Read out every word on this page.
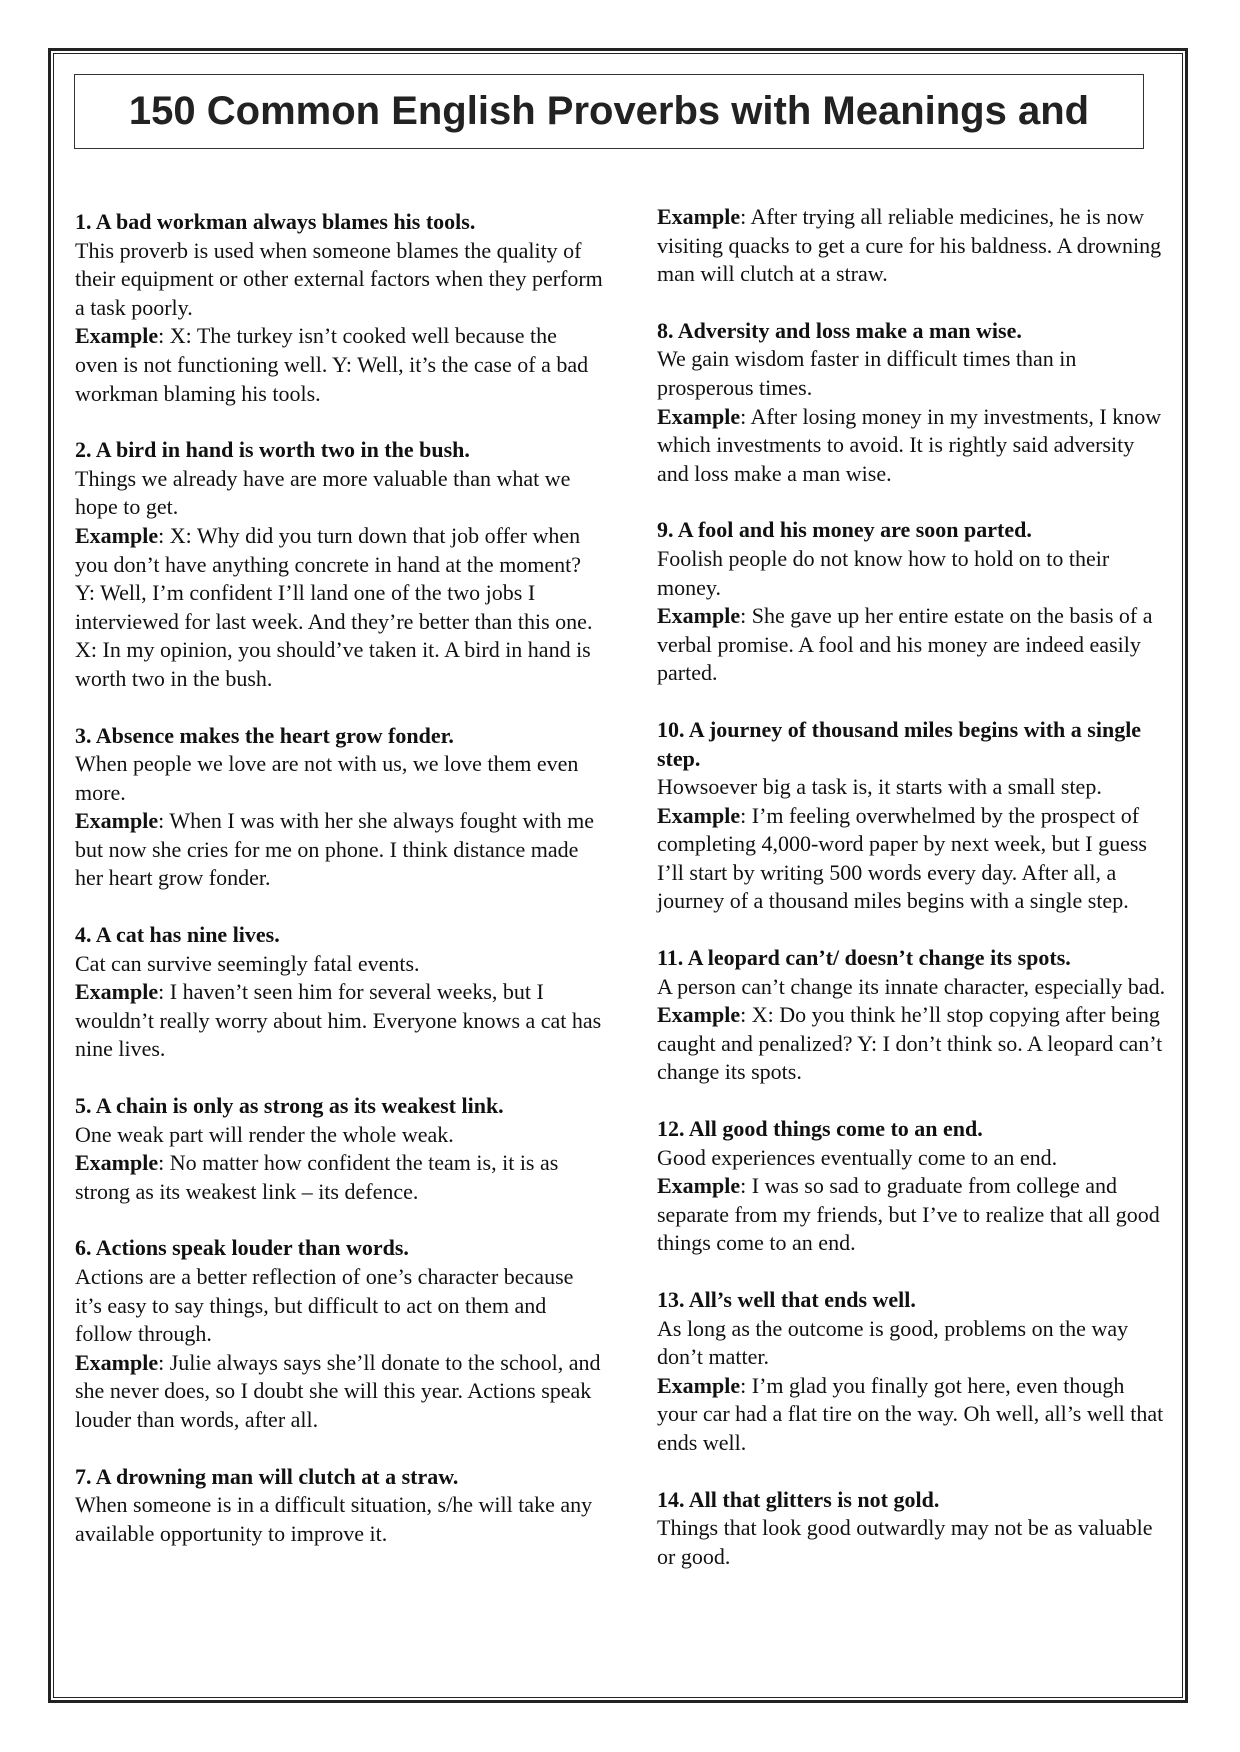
150 Common English Proverbs with Meanings and

1. A bad workman always blames his tools.

This proverb is used when someone blames the quality of their equipment or other external factors when they perform a task poorly.

Example: X: The turkey isn’t cooked well because the oven is not functioning well. Y: Well, it’s the case of a bad workman blaming his tools.

2. A bird in hand is worth two in the bush.

Things we already have are more valuable than what we hope to get.

Example: X: Why did you turn down that job offer when you don’t have anything concrete in hand at the moment? Y: Well, I’m confident I’ll land one of the two jobs I interviewed for last week. And they’re better than this one. X: In my opinion, you should’ve taken it. A bird in hand is worth two in the bush.

3. Absence makes the heart grow fonder.

When people we love are not with us, we love them even more.

Example: When I was with her she always fought with me but now she cries for me on phone. I think distance made her heart grow fonder.

4. A cat has nine lives.

Cat can survive seemingly fatal events.

Example: I haven’t seen him for several weeks, but I wouldn’t really worry about him. Everyone knows a cat has nine lives.

5. A chain is only as strong as its weakest link.

One weak part will render the whole weak.

Example: No matter how confident the team is, it is as strong as its weakest link – its defence.

6. Actions speak louder than words.

Actions are a better reflection of one’s character because it’s easy to say things, but difficult to act on them and follow through.

Example: Julie always says she’ll donate to the school, and she never does, so I doubt she will this year. Actions speak louder than words, after all.

7. A drowning man will clutch at a straw.

When someone is in a difficult situation, s/he will take any available opportunity to improve it.

Example: After trying all reliable medicines, he is now visiting quacks to get a cure for his baldness. A drowning man will clutch at a straw.

8. Adversity and loss make a man wise.

We gain wisdom faster in difficult times than in prosperous times.

Example: After losing money in my investments, I know which investments to avoid. It is rightly said adversity and loss make a man wise.

9. A fool and his money are soon parted.

Foolish people do not know how to hold on to their money.

Example: She gave up her entire estate on the basis of a verbal promise. A fool and his money are indeed easily parted.

10. A journey of thousand miles begins with a single step.

Howsoever big a task is, it starts with a small step.

Example: I’m feeling overwhelmed by the prospect of completing 4,000-word paper by next week, but I guess I’ll start by writing 500 words every day. After all, a journey of a thousand miles begins with a single step.

11. A leopard can’t/ doesn’t change its spots.

A person can’t change its innate character, especially bad.

Example: X: Do you think he’ll stop copying after being caught and penalized? Y: I don’t think so. A leopard can’t change its spots.

12. All good things come to an end.

Good experiences eventually come to an end.

Example: I was so sad to graduate from college and separate from my friends, but I’ve to realize that all good things come to an end.

13. All’s well that ends well.

As long as the outcome is good, problems on the way don’t matter.

Example: I’m glad you finally got here, even though your car had a flat tire on the way. Oh well, all’s well that ends well.

14. All that glitters is not gold.

Things that look good outwardly may not be as valuable or good.
